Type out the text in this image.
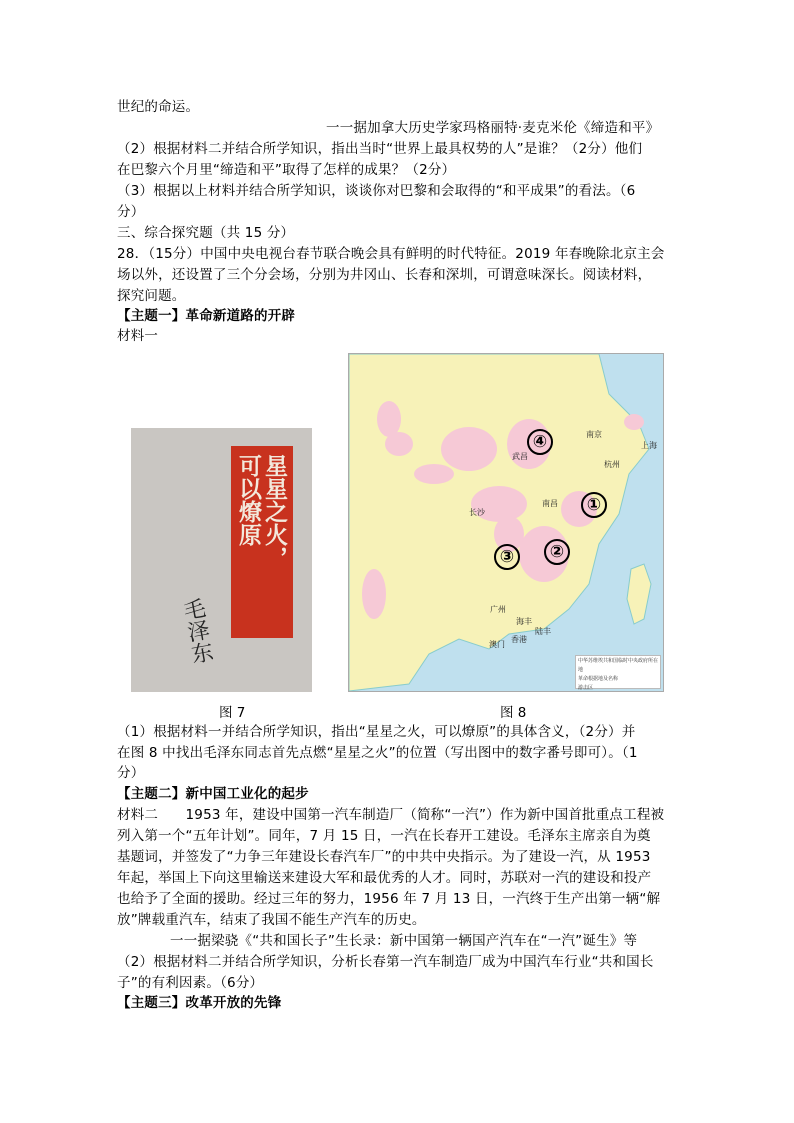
世纪的命运。
一一据加拿大历史学家玛格丽特·麦克米伦《缔造和平》
（2）根据材料二并结合所学知识，指出当时“世界上最具权势的人”是谁？（2分）他们
在巴黎六个月里“缔造和平”取得了怎样的成果？（2分）
（3）根据以上材料并结合所学知识，谈谈你对巴黎和会取得的“和平成果”的看法。（6
分）
三、综合探究题（共 15 分）
28．（15分）中国中央电视台春节联合晚会具有鲜明的时代特征。2019 年春晚除北京主会
场以外，还设置了三个分会场，分别为井冈山、长春和深圳，可谓意味深长。阅读材料，
探究问题。
【主题一】革命新道路的开辟
材料一
星星之火，
可以燎原
毛泽东
①
②
③
④	南京
上海
杭州
武昌
南昌
长沙
广州
海丰
陆丰
香港
澳门
中华苏维埃共和国临时中央政府所在地
革命根据地及名称
游击区
图 7	图 8
（1）根据材料一并结合所学知识，指出“星星之火，可以燎原”的具体含义，（2分）并
在图 8 中找出毛泽东同志首先点燃“星星之火”的位置（写出图中的数字番号即可）。（1
分）
【主题二】新中国工业化的起步
材料二　　1953 年，建设中国第一汽车制造厂（简称“一汽”）作为新中国首批重点工程被
列入第一个“五年计划”。同年，7 月 15 日，一汽在长春开工建设。毛泽东主席亲自为奠
基题词，并签发了“力争三年建设长春汽车厂”的中共中央指示。为了建设一汽，从 1953
年起，举国上下向这里输送来建设大军和最优秀的人才。同时，苏联对一汽的建设和投产
也给予了全面的援助。经过三年的努力，1956 年 7 月 13 日，一汽终于生产出第一辆“解
放”牌载重汽车，结束了我国不能生产汽车的历史。
一一据梁骁《“共和国长子”生长录：新中国第一辆国产汽车在“一汽”诞生》等
（2）根据材料二并结合所学知识，分析长春第一汽车制造厂成为中国汽车行业“共和国长
子”的有利因素。（6分）
【主题三】改革开放的先锋
